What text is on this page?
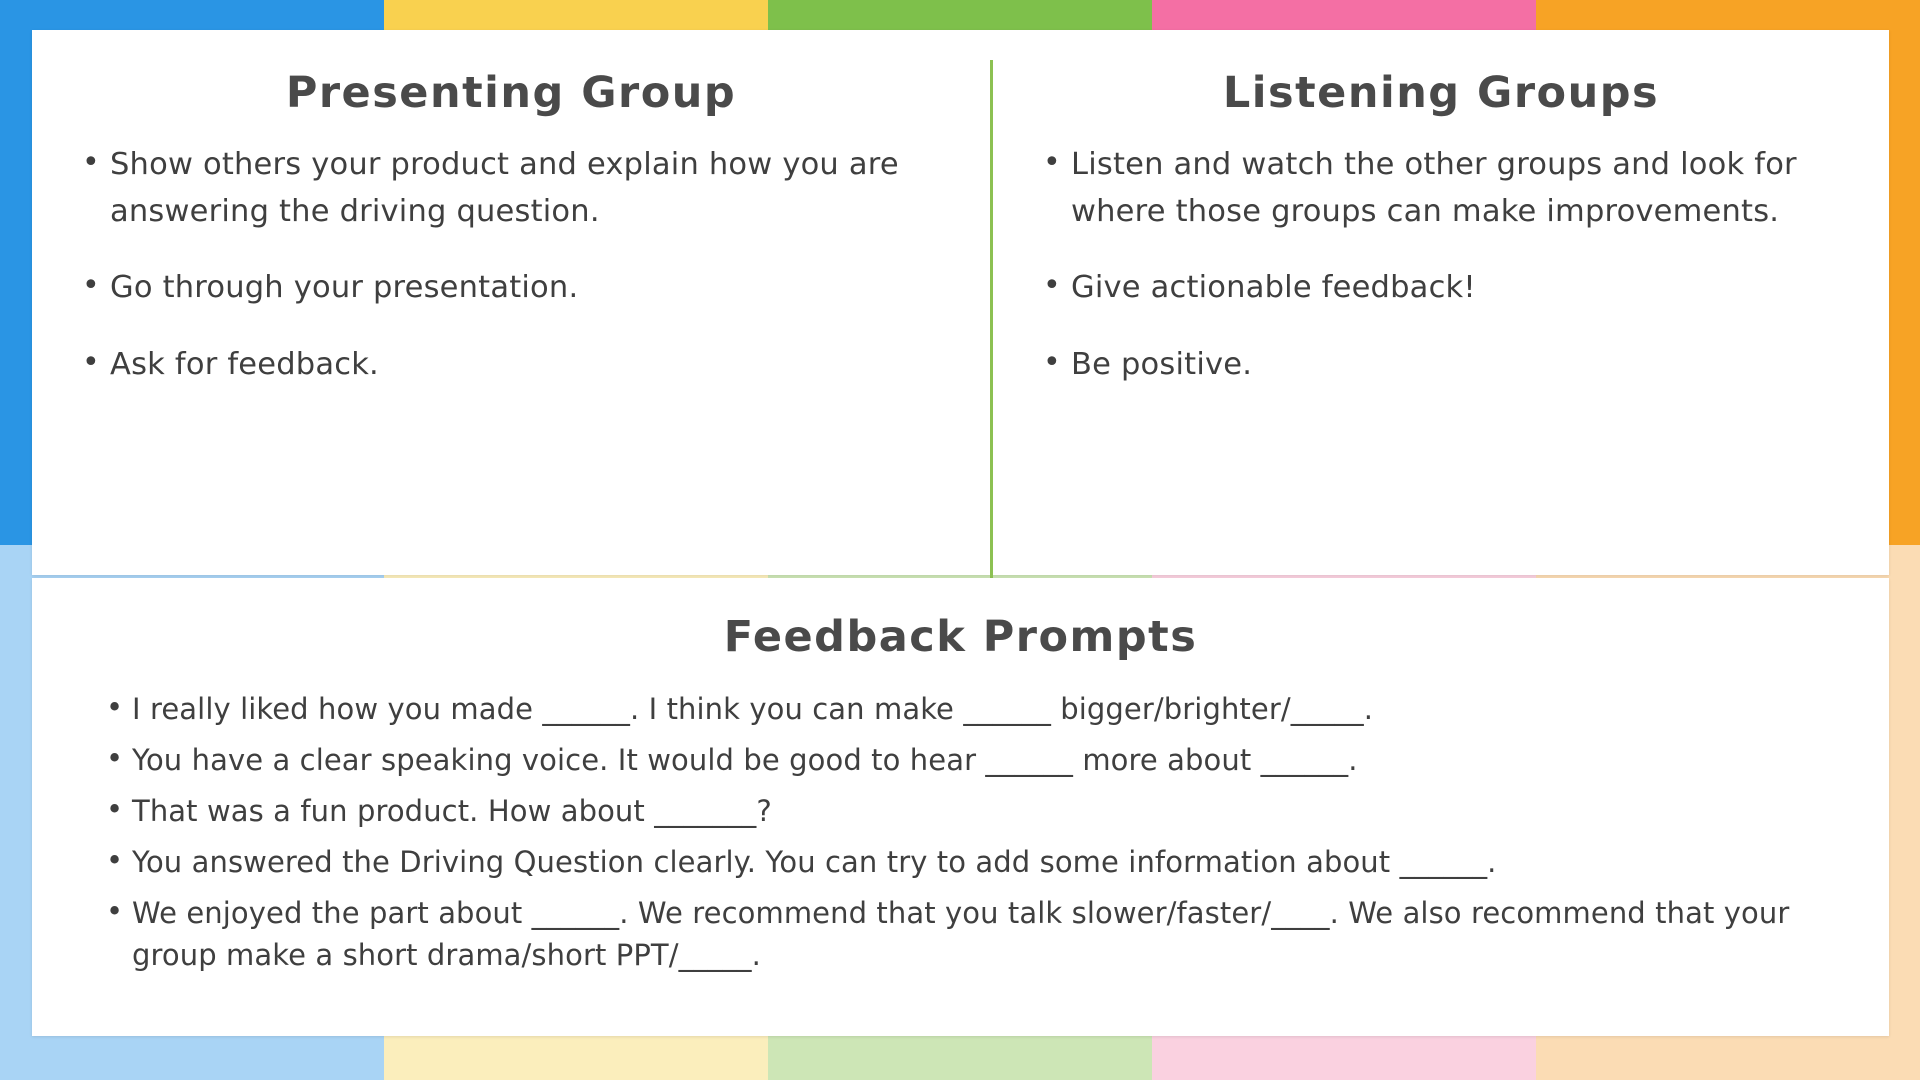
Presenting Group
• Show others your product and explain how you are answering the driving question.
• Go through your presentation.
• Ask for feedback.
Listening Groups
• Listen and watch the other groups and look for where those groups can make improvements.
• Give actionable feedback!
• Be positive.
Feedback Prompts
• I really liked how you made ______. I think you can make ______ bigger/brighter/_____.
• You have a clear speaking voice. It would be good to hear ______ more about ______.
• That was a fun product. How about _______?
• You answered the Driving Question clearly. You can try to add some information about ______.
• We enjoyed the part about ______. We recommend that you talk slower/faster/____. We also recommend that your group make a short drama/short PPT/_____.
